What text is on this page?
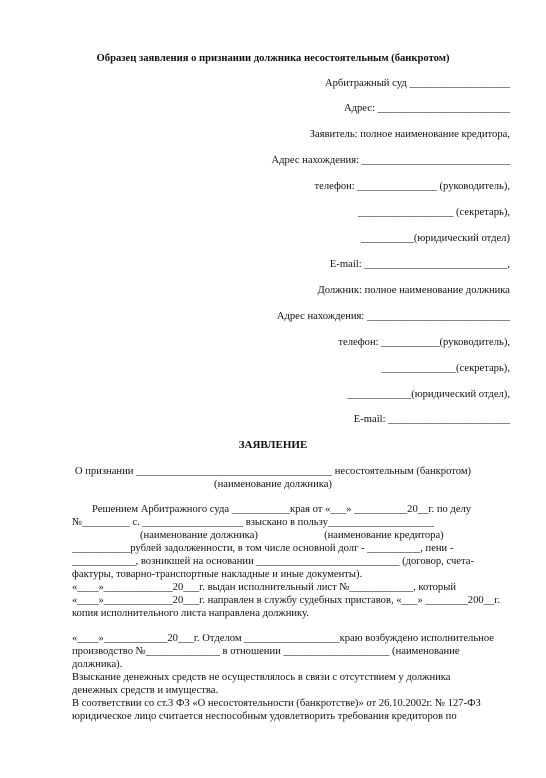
Образец заявления о признании должника несостоятельным (банкротом)
Арбитражный суд ___________________
Адрес: _________________________
Заявитель: полное наименование кредитора,
Адрес нахождения: ____________________________
телефон: _______________ (руководитель),
__________________ (секретарь),
__________(юридический отдел)
E-mail: ___________________________,
Должник: полное наименование должника
Адрес нахождения: ___________________________
телефон: ___________(руководитель),
______________(секретарь),
____________(юридический отдел),
E-mail: _______________________
ЗАЯВЛЕНИЕ
О признании _____________________________________ несостоятельным (банкротом)
(наименование должника)
Решением Арбитражного суда ___________края от «___» __________20__г. по делу
№_________ с. ___________________ взыскано в пользу____________________
(наименование должника)                         (наименование кредитора)
___________рублей задолженности, в том числе основной долг - __________, пени -
____________, возникшей на основании ___________________________ (договор, счета-
фактуры, товарно-транспортные накладные и иные документы).
«____»_____________20___г. выдан исполнительный лист №____________, который
«____»_____________20___г. направлен в службу судебных приставов, «___» ________200__г.
копия исполнительного листа направлена должнику.
«____»____________20___г. Отделом __________________краю возбуждено исполнительное
производство №______________ в отношении ____________________ (наименование
должника).
Взыскание денежных средств не осуществлялось в связи с отсутствием у должника
денежных средств и имущества.
В соответствии со ст.3 ФЗ «О несостоятельности (банкротстве)» от 26.10.2002г. № 127-ФЗ
юридическое лицо считается неспособным удовлетворить требования кредиторов по
